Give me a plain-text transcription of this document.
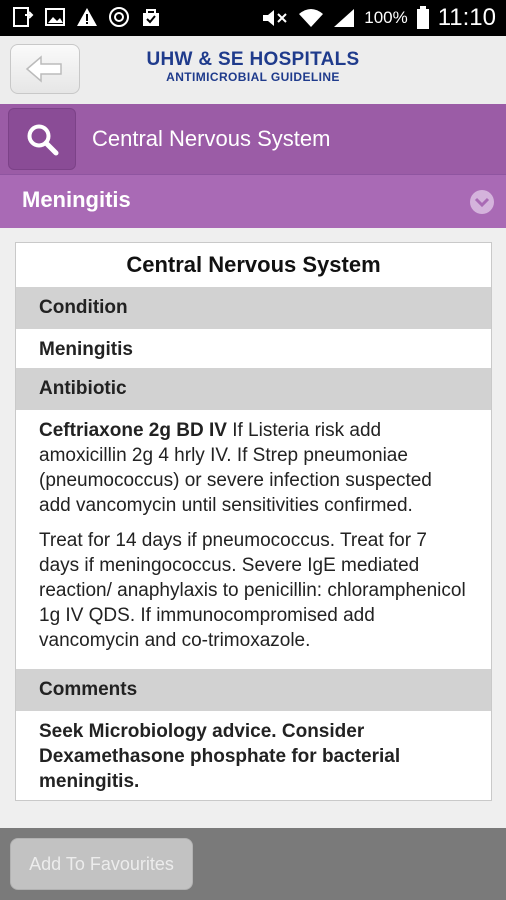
100% 11:10
UHW & SE HOSPITALS
ANTIMICROBIAL GUIDELINE
Central Nervous System
Meningitis
Central Nervous System
Condition
Meningitis
Antibiotic

Ceftriaxone 2g BD IV If Listeria risk add amoxicillin 2g 4 hrly IV. If Strep pneumoniae (pneumococcus) or severe infection suspected add vancomycin until sensitivities confirmed.

Treat for 14 days if pneumococcus. Treat for 7 days if meningococcus. Severe IgE mediated reaction/ anaphylaxis to penicillin: chloramphenicol 1g IV QDS. If immunocompromised add vancomycin and co-trimoxazole.

Comments
Seek Microbiology advice. Consider Dexamethasone phosphate for bacterial meningitis.
Add To Favourites
